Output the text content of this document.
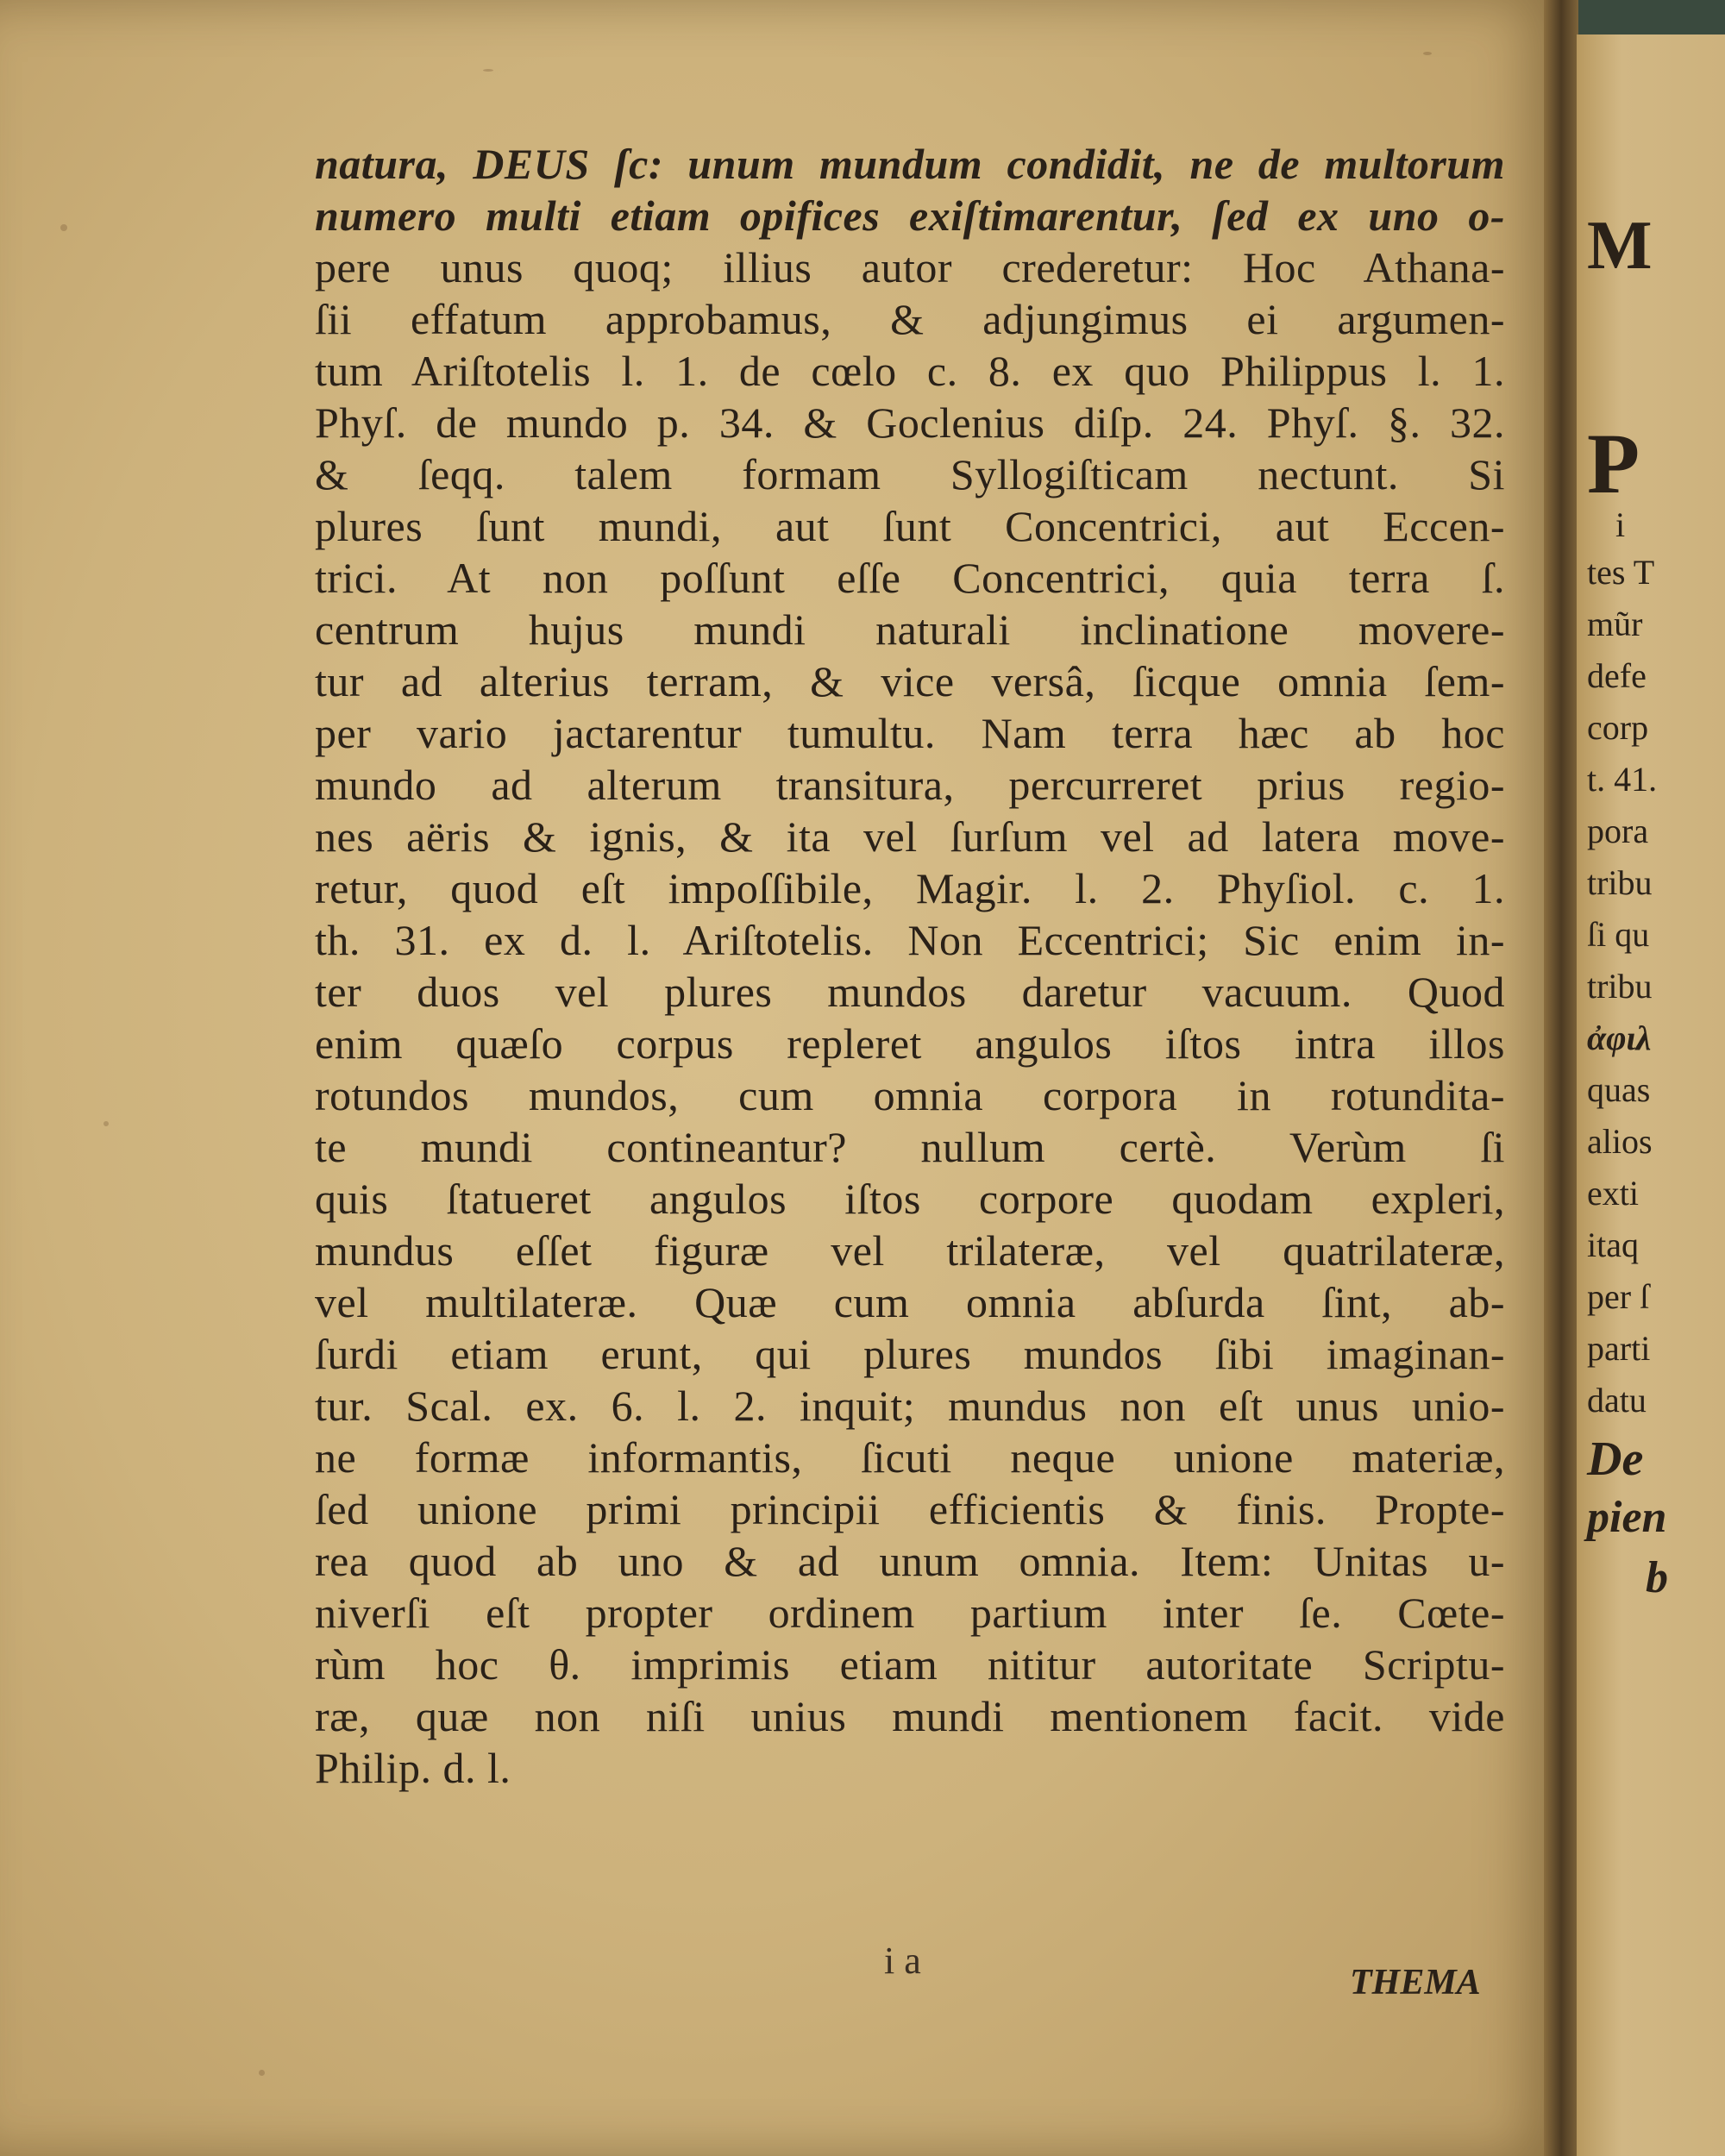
natura, DEUS ſc: unum mundum condidit, ne de multorum
numero multi etiam opifices exiſtimarentur, ſed ex uno o-
pere unus quoq; illius autor crederetur: Hoc Athana-
ſii effatum approbamus, & adjungimus ei argumen-
tum Ariſtotelis l. 1. de cœlo c. 8. ex quo Philippus l. 1.
Phyſ. de mundo p. 34. & Goclenius diſp. 24. Phyſ. §. 32.
& ſeqq. talem formam Syllogiſticam nectunt. Si
plures ſunt mundi, aut ſunt Concentrici, aut Eccen-
trici. At non poſſunt eſſe Concentrici, quia terra ſ.
centrum hujus mundi naturali inclinatione movere-
tur ad alterius terram, & vice versâ, ſicque omnia ſem-
per vario jactarentur tumultu. Nam terra hæc ab hoc
mundo ad alterum transitura, percurreret prius regio-
nes aëris & ignis, & ita vel ſurſum vel ad latera move-
retur, quod eſt impoſſibile, Magir. l. 2. Phyſiol. c. 1.
th. 31. ex d. l. Ariſtotelis. Non Eccentrici; Sic enim in-
ter duos vel plures mundos daretur vacuum. Quod
enim quæſo corpus repleret angulos iſtos intra illos
rotundos mundos, cum omnia corpora in rotundita-
te mundi contineantur? nullum certè. Verùm ſi
quis ſtatueret angulos iſtos corpore quodam expleri,
mundus eſſet figuræ vel trilateræ, vel quatrilateræ,
vel multilateræ. Quæ cum omnia abſurda ſint, ab-
ſurdi etiam erunt, qui plures mundos ſibi imaginan-
tur. Scal. ex. 6. l. 2. inquit; mundus non eſt unus unio-
ne formæ informantis, ſicuti neque unione materiæ,
ſed unione primi principii efficientis & finis. Propte-
rea quod ab uno & ad unum omnia. Item: Unitas u-
niverſi eſt propter ordinem partium inter ſe. Cœte-
rùm hoc θ. imprimis etiam nititur autoritate Scriptu-
ræ, quæ non niſi unius mundi mentionem facit. vide
Philip. d. l.
i a
THEMA
M
P
i
tes T
mũr
defe
corp
t. 41.
pora
tribu
ſi qu
tribu
ἀφιλ
quas
alios
exti
itaq
per ſ
parti
datu
De
pien
b
